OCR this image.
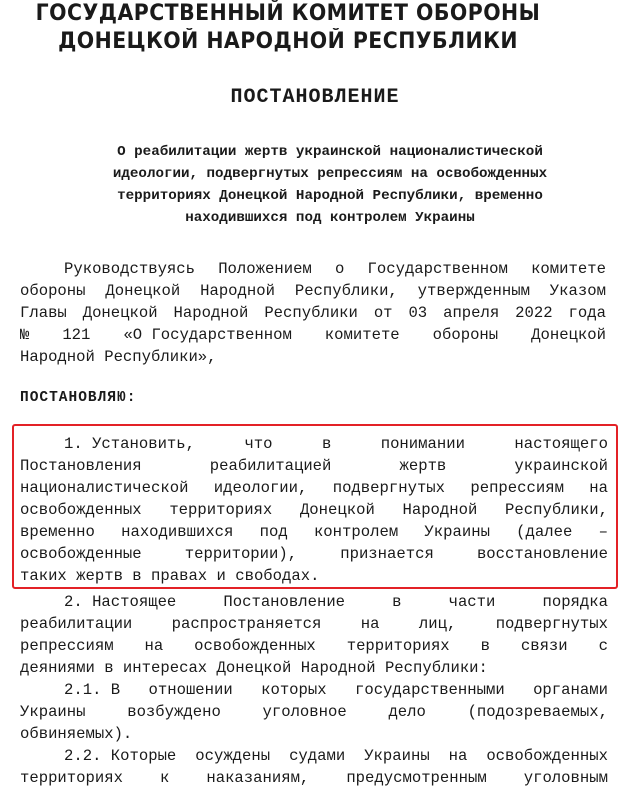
ГОСУДАРСТВЕННЫЙ КОМИТЕТ ОБОРОНЫ
ДОНЕЦКОЙ НАРОДНОЙ РЕСПУБЛИКИ
ПОСТАНОВЛЕНИЕ
О реабилитации жертв украинской националистической
идеологии, подвергнутых репрессиям на освобожденных
территориях Донецкой Народной Республики, временно
находившихся под контролем Украины
Руководствуясь Положением о Государственном комитете
обороны Донецкой Народной Республики, утвержденным Указом
Главы Донецкой Народной Республики от 03 апреля 2022 года
№ 121 «О Государственном комитете обороны Донецкой
Народной Республики»,
ПОСТАНОВЛЯЮ:
1. Установить,	что	в	понимании	настоящего
Постановления	реабилитацией	жертв	украинской
националистической идеологии, подвергнутых репрессиям на
освобожденных территориях Донецкой Народной Республики,
временно находившихся под контролем Украины (далее –
освобожденные	территории),	признается	восстановление
таких жертв в правах и свободах.
2. Настоящее	Постановление	в	части	порядка
реабилитации	распространяется	на	лиц,	подвергнутых
репрессиям на освобожденных территориях в связи с
деяниями в интересах Донецкой Народной Республики:
2.1. В отношении которых государственными органами
Украины	возбуждено	уголовное	дело	(подозреваемых,
обвиняемых).
2.2. Которые осуждены судами Украины на освобожденных
территориях к наказаниям, предусмотренным уголовным
